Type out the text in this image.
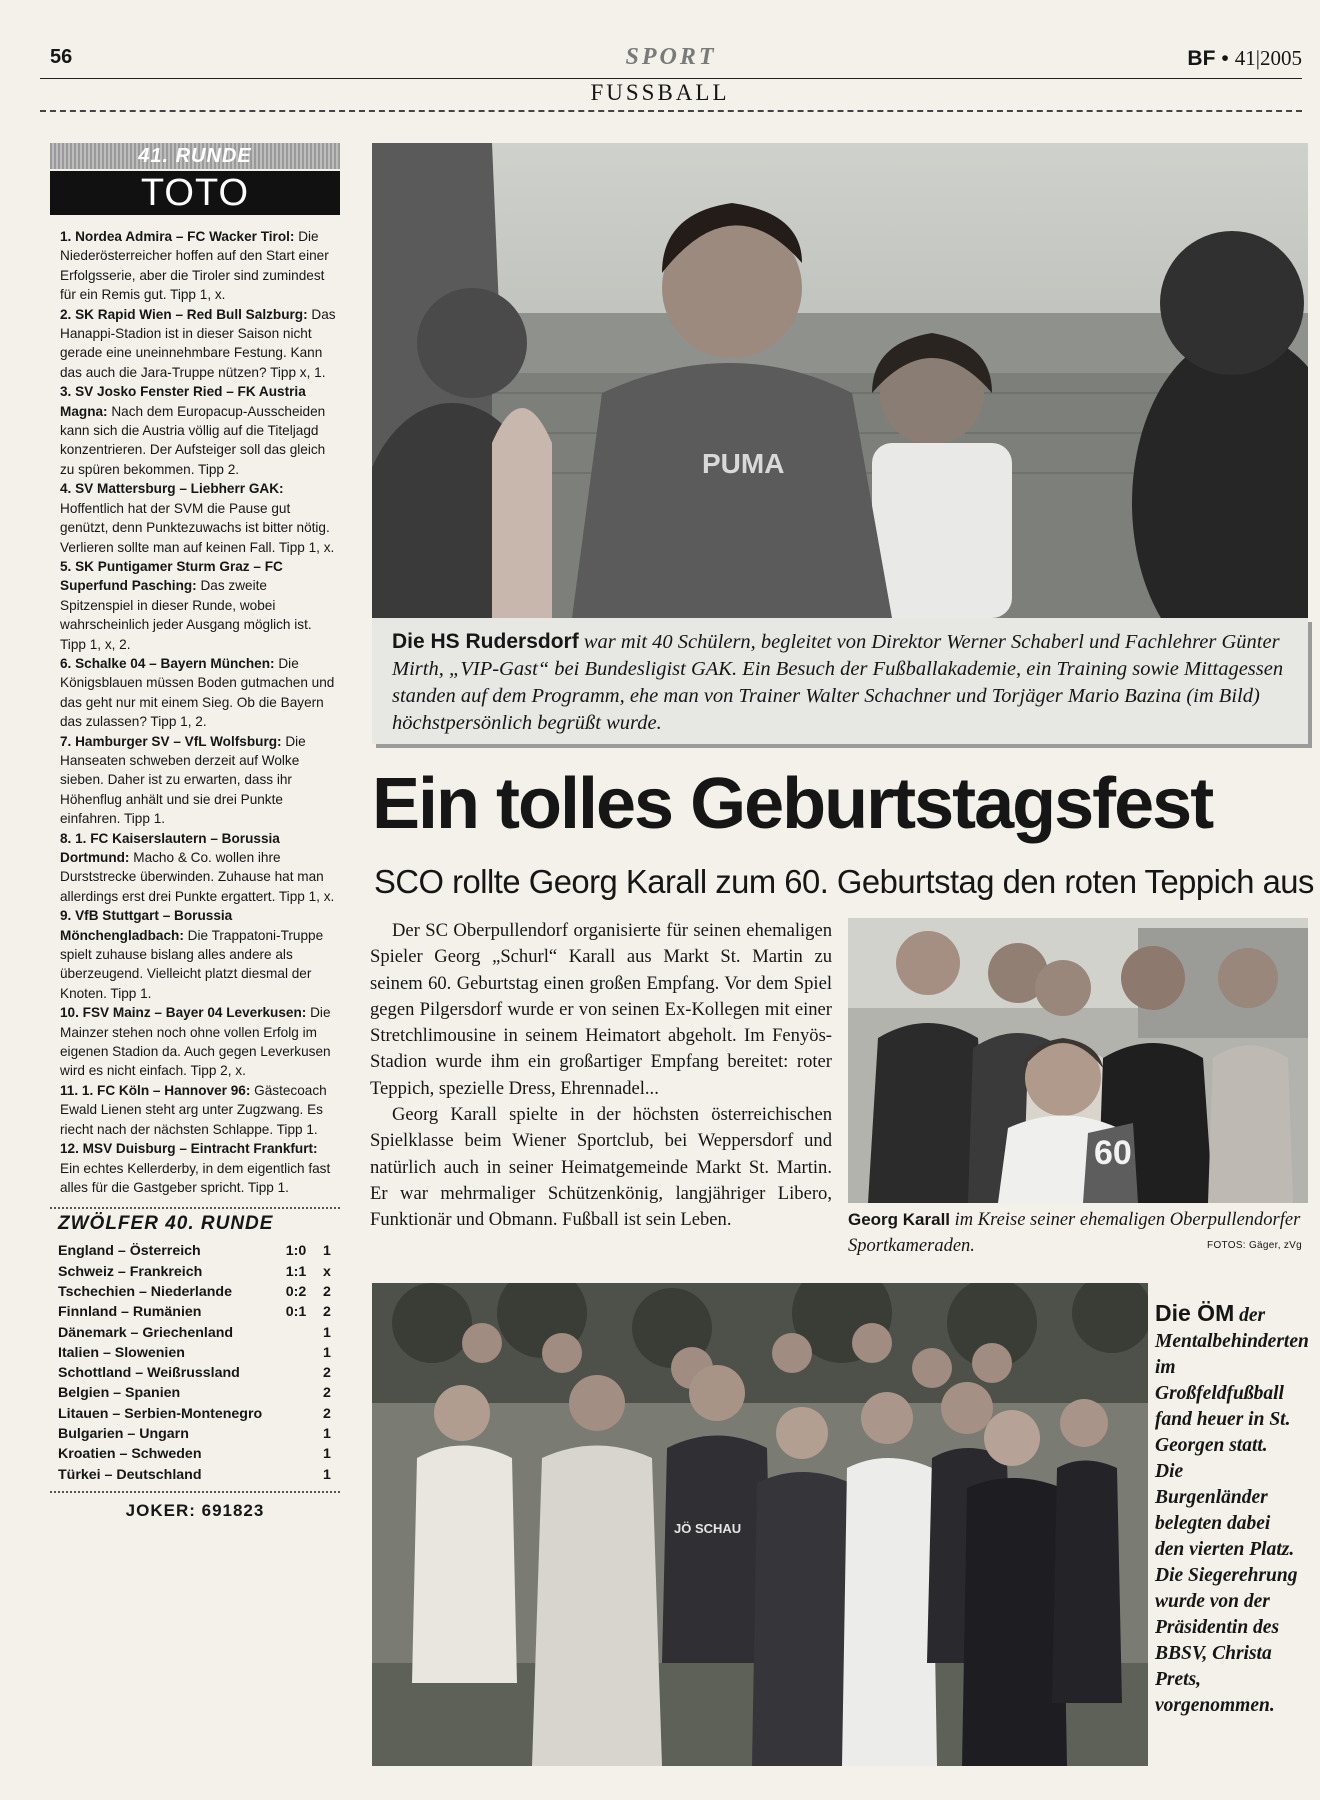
56	SPORT	BF • 41|2005
FUSSBALL
41. RUNDE
TOTO

1. Nordea Admira – FC Wacker Tirol: Die Niederösterreicher hoffen auf den Start einer Erfolgsserie, aber die Tiroler sind zumindest für ein Remis gut. Tipp 1, x.

2. SK Rapid Wien – Red Bull Salzburg: Das Hanappi-Stadion ist in dieser Saison nicht gerade eine uneinnehmbare Festung. Kann das auch die Jara-Truppe nützen? Tipp x, 1.

3. SV Josko Fenster Ried – FK Austria Magna: Nach dem Europacup-Ausscheiden kann sich die Austria völlig auf die Titeljagd konzentrieren. Der Aufsteiger soll das gleich zu spüren bekommen. Tipp 2.

4. SV Mattersburg – Liebherr GAK: Hoffentlich hat der SVM die Pause gut genützt, denn Punktezuwachs ist bitter nötig. Verlieren sollte man auf keinen Fall. Tipp 1, x.

5. SK Puntigamer Sturm Graz – FC Superfund Pasching: Das zweite Spitzenspiel in dieser Runde, wobei wahrscheinlich jeder Ausgang möglich ist. Tipp 1, x, 2.

6. Schalke 04 – Bayern München: Die Königsblauen müssen Boden gutmachen und das geht nur mit einem Sieg. Ob die Bayern das zulassen? Tipp 1, 2.

7. Hamburger SV – VfL Wolfsburg: Die Hanseaten schweben derzeit auf Wolke sieben. Daher ist zu erwarten, dass ihr Höhenflug anhält und sie drei Punkte einfahren. Tipp 1.

8. 1. FC Kaiserslautern – Borussia Dortmund: Macho & Co. wollen ihre Durststrecke überwinden. Zuhause hat man allerdings erst drei Punkte ergattert. Tipp 1, x.

9. VfB Stuttgart – Borussia Mönchengladbach: Die Trappatoni-Truppe spielt zuhause bislang alles andere als überzeugend. Vielleicht platzt diesmal der Knoten. Tipp 1.

10. FSV Mainz – Bayer 04 Leverkusen: Die Mainzer stehen noch ohne vollen Erfolg im eigenen Stadion da. Auch gegen Leverkusen wird es nicht einfach. Tipp 2, x.

11. 1. FC Köln – Hannover 96: Gästecoach Ewald Lienen steht arg unter Zugzwang. Es riecht nach der nächsten Schlappe. Tipp 1.

12. MSV Duisburg – Eintracht Frankfurt: Ein echtes Kellerderby, in dem eigentlich fast alles für die Gastgeber spricht. Tipp 1.

ZWÖLFER 40. RUNDE
England – Österreich	1:0	1
Schweiz – Frankreich	1:1	x
Tschechien – Niederlande	0:2	2
Finnland – Rumänien	0:1	2
Dänemark – Griechenland	1
Italien – Slowenien	1
Schottland – Weißrussland	2
Belgien – Spanien	2
Litauen – Serbien-Montenegro	2
Bulgarien – Ungarn	1
Kroatien – Schweden	1
Türkei – Deutschland	1
JOKER: 691823
PUMA

Die HS Rudersdorf war mit 40 Schülern, begleitet von Direktor Werner Schaberl und Fachlehrer Günter Mirth, „VIP-Gast“ bei Bundesligist GAK. Ein Besuch der Fußballakademie, ein Training sowie Mittagessen standen auf dem Programm, ehe man von Trainer Walter Schachner und Torjäger Mario Bazina (im Bild) höchstpersönlich begrüßt wurde.

Ein tolles Geburtstagsfest
SCO rollte Georg Karall zum 60. Geburtstag den roten Teppich aus

Der SC Oberpullendorf organisierte für seinen ehemaligen Spieler Georg „Schurl“ Karall aus Markt St. Martin zu seinem 60. Geburtstag einen großen Empfang. Vor dem Spiel gegen Pilgersdorf wurde er von seinen Ex-Kollegen mit einer Stretchlimousine in seinem Heimatort abgeholt. Im Fenyös-Stadion wurde ihm ein großartiger Empfang bereitet: roter Teppich, spezielle Dress, Ehrennadel...

Georg Karall spielte in der höchsten österreichischen Spielklasse beim Wiener Sportclub, bei Weppersdorf und natürlich auch in seiner Heimatgemeinde Markt St. Martin. Er war mehrmaliger Schützenkönig, langjähriger Libero, Funktionär und Obmann. Fußball ist sein Leben.

60
Georg Karall im Kreise seiner ehemaligen Oberpullendorfer Sportkameraden.	FOTOS: Gäger, zVg
JÖ SCHAU
Die ÖM der Mentalbehinderten im Großfeldfußball fand heuer in St. Georgen statt. Die Burgenländer belegten dabei den vierten Platz. Die Siegerehrung wurde von der Präsidentin des BBSV, Christa Prets, vorgenommen.
